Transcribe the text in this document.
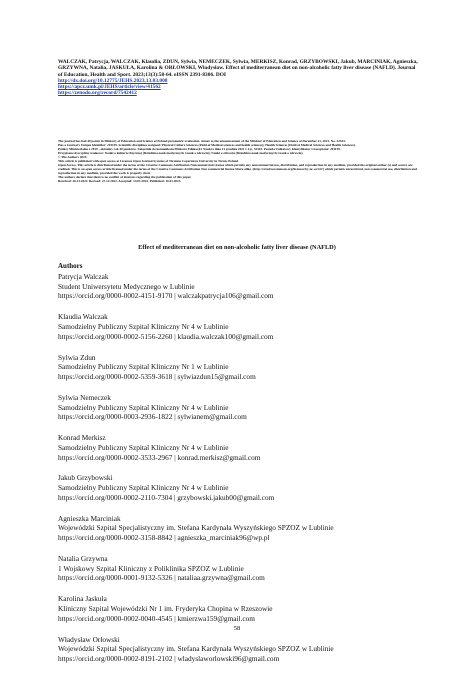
WALCZAK, Patrycja, WALCZAK, Klaudia, ZDUN, Sylwia, NEMECZEK, Sylwia, MERKISZ, Konrad, GRZYBOWSKI, Jakub, MARCINIAK, Agnieszka, GRZYWNA, Natalia, JASKUŁA, Karolina & ORŁOWSKI, Władysław. Effect of mediterranean diet on non-alcoholic fatty liver disease (NAFLD). Journal of Education, Health and Sport. 2023;13(3):58-64. eISSN 2391-8306. DOI
http://dx.doi.org/10.12775/JEHS.2023.13.03.008
https://apcz.umk.pl/JEHS/article/view/41562
https://zenodo.org/record/7542412

The journal has had 40 points in Ministry of Education and Science of Poland parametric evaluation. Annex to the announcement of the Minister of Education and Science of December 21, 2021. No. 32343.

Has a Journal's Unique Identifier: 201159. Scientific disciplines assigned: Physical Culture Sciences (Field of Medical sciences and health sciences); Health Sciences (Field of Medical Sciences and Health Sciences).

Punkty Ministerialne z 2019 - aktualny rok 40 punktów. Załącznik do komunikatu Ministra Edukacji i Nauki z dnia 21 grudnia 2021 r. Lp. 32343. Posiada Unikatowy Identyfikator Czasopisma: 201159.

Przypisane dyscypliny naukowe: Nauki o kulturze fizycznej (Dziedzina nauk medycznych i nauk o zdrowiu); Nauki o zdrowiu (Dziedzina nauk medycznych i nauk o zdrowiu).

© The Authors 2023;

This article is published with open access at Licensee Open Journal Systems of Nicolaus Copernicus University in Torun, Poland

Open Access. This article is distributed under the terms of the Creative Commons Attribution Noncommercial License which permits any noncommercial use, distribution, and reproduction in any medium, provided the original author (s) and source are credited. This is an open access article licensed under the terms of the Creative Commons Attribution Non commercial license Share alike. (http://creativecommons.org/licenses/by-nc-sa/4.0/) which permits unrestricted, non commercial use, distribution and reproduction in any medium, provided the work is properly cited.

The authors declare that there is no conflict of interests regarding the publication of this paper.

Received: 26.12.2022. Revised: 27.12.2022. Accepted: 14.01.2023. Published: 16.01.2023.

Effect of mediterranean diet on non-alcoholic fatty liver disease (NAFLD)
Authors
Patrycja Walczak
Student Uniwersytetu Medycznego w Lublinie
https://orcid.org/0000-0002-4151-9170 | walczakpatrycja106@gmail.com
Klaudia Walczak
Samodzielny Publiczny Szpital Kliniczny Nr 4 w Lublinie
https://orcid.org/0000-0002-5156-2260 | klaudia.walczak100@gmail.com
Sylwia Zdun
Samodzielny Publiczny Szpital Kliniczny Nr 1 w Lublinie
https://orcid.org/0000-0002-5359-3618 | sylwiazdun15@gmail.com
Sylwia Nemeczek
Samodzielny Publiczny Szpital Kliniczny Nr 4 w Lublinie
https://orcid.org/0000-0003-2936-1822 | sylwianem@gmail.com
Konrad Merkisz
Samodzielny Publiczny Szpital Kliniczny Nr 4 w Lublinie
https://orcid.org/0000-0002-3533-2967 | konrad.merkisz@gmail.com
Jakub Grzybowski
Samodzielny Publiczny Szpital Kliniczny Nr 4 w Lublinie
https://orcid.org/0000-0002-2110-7304 | grzybowski.jakub00@gmail.com
Agnieszka Marciniak
Wojewódzki Szpital Specjalistyczny im. Stefana Kardynała Wyszyńskiego SPZOZ w Lublinie
https://orcid.org/0000-0002-3158-8842 | agnieszka_marciniak96@wp.pl
Natalia Grzywna
1 Wojskowy Szpital Kliniczny z Poliklinika SPZOZ w Lublinie
https://orcid.org/0000-0001-9132-5326 | nataliaa.grzywna@gmail.com
Karolina Jaskuła
Kliniczny Szpital Wojewódzki Nr 1 im. Fryderyka Chopina w Rzeszowie
https://orcid.org/0000-0002-0040-4545 | kmierzwa159@gmail.com
Władysław Orłowski
Wojewódzki Szpital Specjalistyczny im. Stefana Kardynała Wyszyńskiego SPZOZ w Lublinie
https://orcid.org/0000-0002-8191-2102 | wladyslaworlowski96@gmail.com
58
